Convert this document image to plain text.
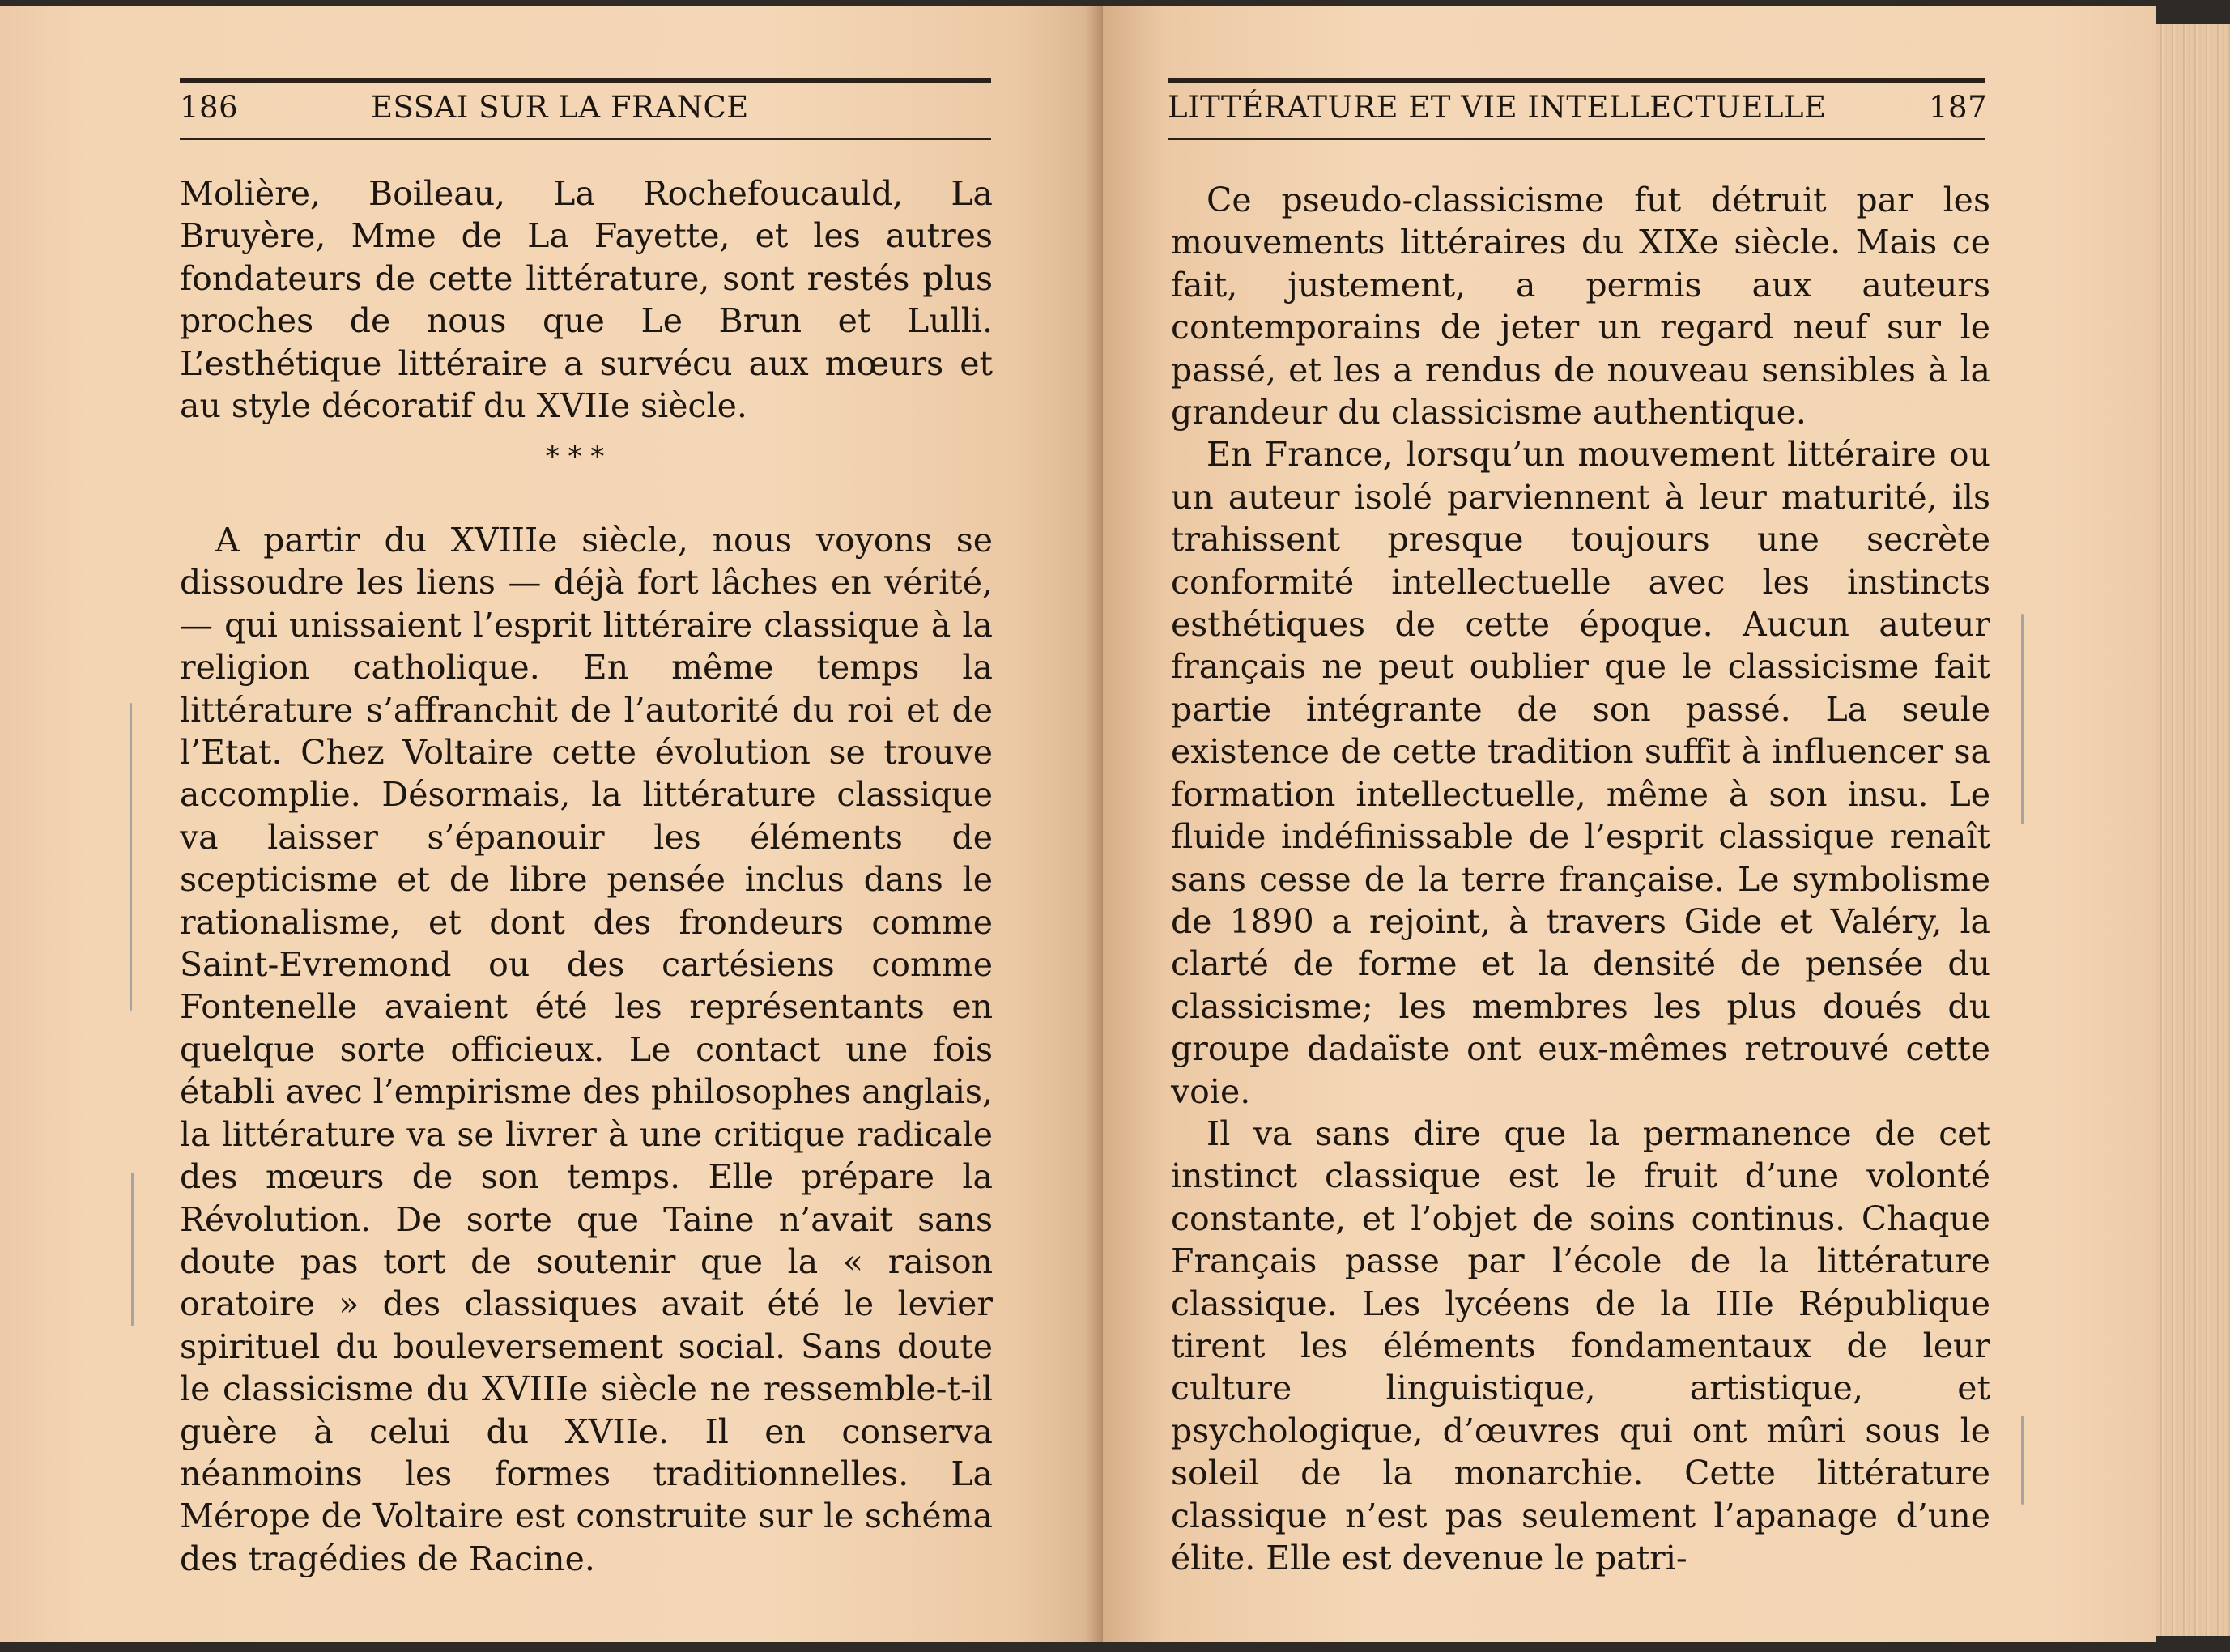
186	ESSAI SUR LA FRANCE

Molière, Boileau, La Rochefoucauld, La Bruyère, Mme de La Fayette, et les autres fondateurs de cette littérature, sont restés plus proches de nous que Le Brun et Lulli. L’esthétique littéraire a survécu aux mœurs et au style décoratif du XVIIe siècle.

* * *

A partir du XVIIIe siècle, nous voyons se dissoudre les liens — déjà fort lâches en vérité, — qui unissaient l’esprit littéraire classique à la religion catholique. En même temps la littérature s’affranchit de l’autorité du roi et de l’Etat. Chez Voltaire cette évolution se trouve accomplie. Désormais, la littérature classique va laisser s’épanouir les éléments de scepticisme et de libre pensée inclus dans le rationalisme, et dont des frondeurs comme Saint-Evremond ou des cartésiens comme Fontenelle avaient été les représentants en quelque sorte officieux. Le contact une fois établi avec l’empirisme des philosophes anglais, la littérature va se livrer à une critique radicale des mœurs de son temps. Elle prépare la Révolution. De sorte que Taine n’avait sans doute pas tort de soutenir que la « raison oratoire » des classiques avait été le levier spirituel du bouleversement social. Sans doute le classicisme du XVIIIe siècle ne ressemble-t-il guère à celui du XVIIe. Il en conserva néanmoins les formes traditionnelles. La Mérope de Voltaire est construite sur le schéma des tragédies de Racine.

LITTÉRATURE ET VIE INTELLECTUELLE	187

Ce pseudo-classicisme fut détruit par les mouvements littéraires du XIXe siècle. Mais ce fait, justement, a permis aux auteurs contemporains de jeter un regard neuf sur le passé, et les a rendus de nouveau sensibles à la grandeur du classicisme authentique.

En France, lorsqu’un mouvement littéraire ou un auteur isolé parviennent à leur maturité, ils trahissent presque toujours une secrète conformité intellectuelle avec les instincts esthétiques de cette époque. Aucun auteur français ne peut oublier que le classicisme fait partie intégrante de son passé. La seule existence de cette tradition suffit à influencer sa formation intellectuelle, même à son insu. Le fluide indéfinissable de l’esprit classique renaît sans cesse de la terre française. Le symbolisme de 1890 a rejoint, à travers Gide et Valéry, la clarté de forme et la densité de pensée du classicisme; les membres les plus doués du groupe dadaïste ont eux-mêmes retrouvé cette voie.

Il va sans dire que la permanence de cet instinct classique est le fruit d’une volonté constante, et l’objet de soins continus. Chaque Français passe par l’école de la littérature classique. Les lycéens de la IIIe République tirent les éléments fondamentaux de leur culture linguistique, artistique, et psychologique, d’œuvres qui ont mûri sous le soleil de la monarchie. Cette littérature classique n’est pas seulement l’apanage d’une élite. Elle est devenue le patri-
